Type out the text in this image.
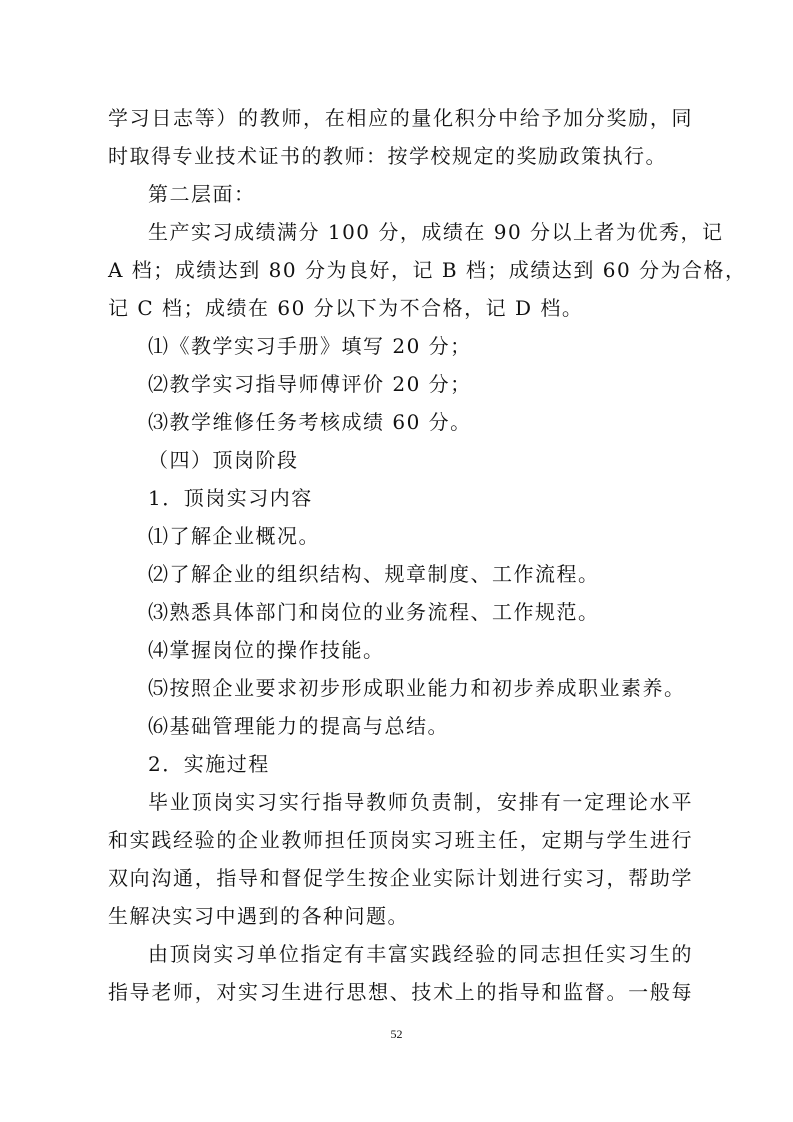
学习日志等）的教师，在相应的量化积分中给予加分奖励，同
时取得专业技术证书的教师：按学校规定的奖励政策执行。
第二层面：
生产实习成绩满分 100 分，成绩在 90 分以上者为优秀，记
A 档；成绩达到 80 分为良好，记 B 档；成绩达到 60 分为合格，
记 C 档；成绩在 60 分以下为不合格，记 D 档。
⑴《教学实习手册》填写 20 分；
⑵教学实习指导师傅评价 20 分；
⑶教学维修任务考核成绩 60 分。
（四）顶岗阶段
1．顶岗实习内容
⑴了解企业概况。
⑵了解企业的组织结构、规章制度、工作流程。
⑶熟悉具体部门和岗位的业务流程、工作规范。
⑷掌握岗位的操作技能。
⑸按照企业要求初步形成职业能力和初步养成职业素养。
⑹基础管理能力的提高与总结。
2．实施过程
毕业顶岗实习实行指导教师负责制，安排有一定理论水平
和实践经验的企业教师担任顶岗实习班主任，定期与学生进行
双向沟通，指导和督促学生按企业实际计划进行实习，帮助学
生解决实习中遇到的各种问题。
由顶岗实习单位指定有丰富实践经验的同志担任实习生的
指导老师，对实习生进行思想、技术上的指导和监督。一般每
52
